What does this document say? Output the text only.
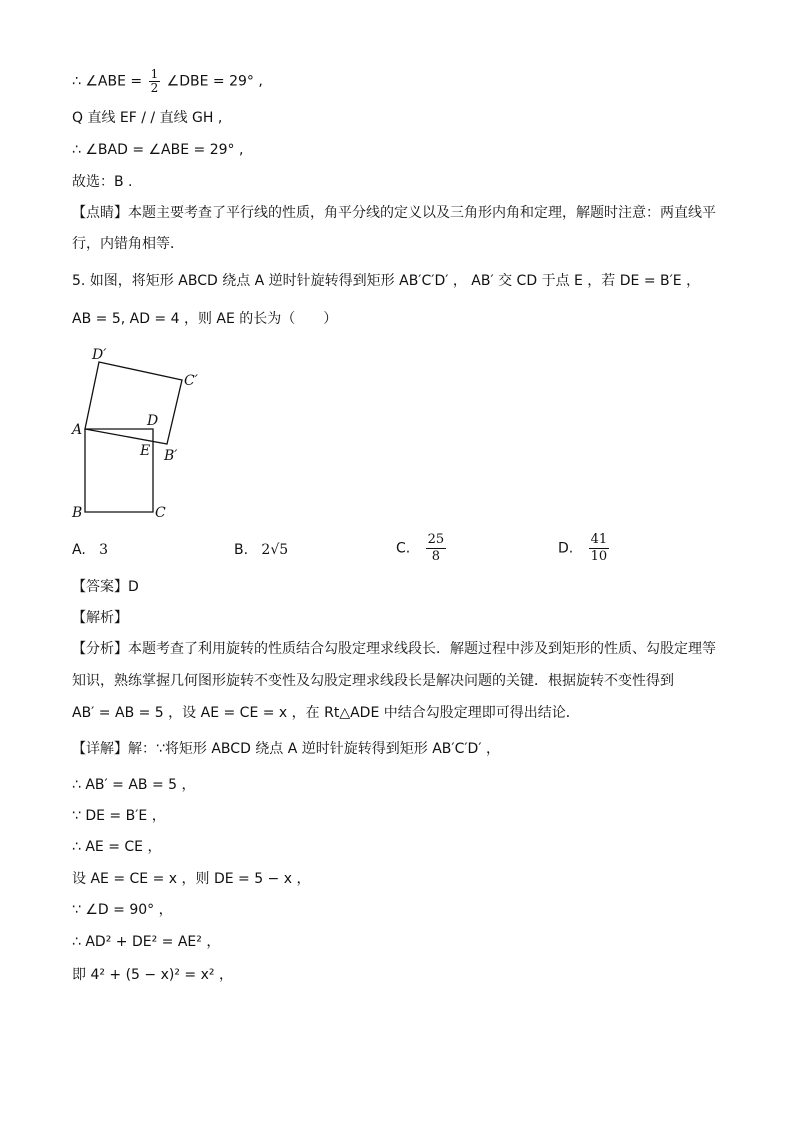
∴ ∠ABE = $\frac{1}{2}$ ∠DBE = 29° ,
Q 直线 EF / / 直线 GH ,
∴ ∠BAD = ∠ABE = 29° ,
故选：B .
【点睛】本题主要考查了平行线的性质，角平分线的定义以及三角形内角和定理，解题时注意：两直线平
行，内错角相等．
5. 如图，将矩形 ABCD 绕点 A 逆时针旋转得到矩形 AB′C′D′ ， AB′ 交 CD 于点 E ，若 DE = B′E ，
AB = 5, AD = 4 ，则 AE 的长为（　　）
D′
C′
A
D
E B′
B	C
A. 3	B. 2√5	C. $\frac{25}{8}$	D. $\frac{41}{10}$
【答案】D
【解析】
【分析】本题考查了利用旋转的性质结合勾股定理求线段长．解题过程中涉及到矩形的性质、勾股定理等
知识，熟练掌握几何图形旋转不变性及勾股定理求线段长是解决问题的关键．根据旋转不变性得到
AB′ = AB = 5 ，设 AE = CE = x ，在 Rt△ADE 中结合勾股定理即可得出结论．
【详解】解：∵将矩形 ABCD 绕点 A 逆时针旋转得到矩形 AB′C′D′ ，
∴ AB′ = AB = 5 ，
∵ DE = B′E ，
∴ AE = CE ，
设 AE = CE = x ，则 DE = 5 − x ，
∵ ∠D = 90° ，
∴ AD² + DE² = AE² ，
即 4² + (5 − x)² = x² ，
